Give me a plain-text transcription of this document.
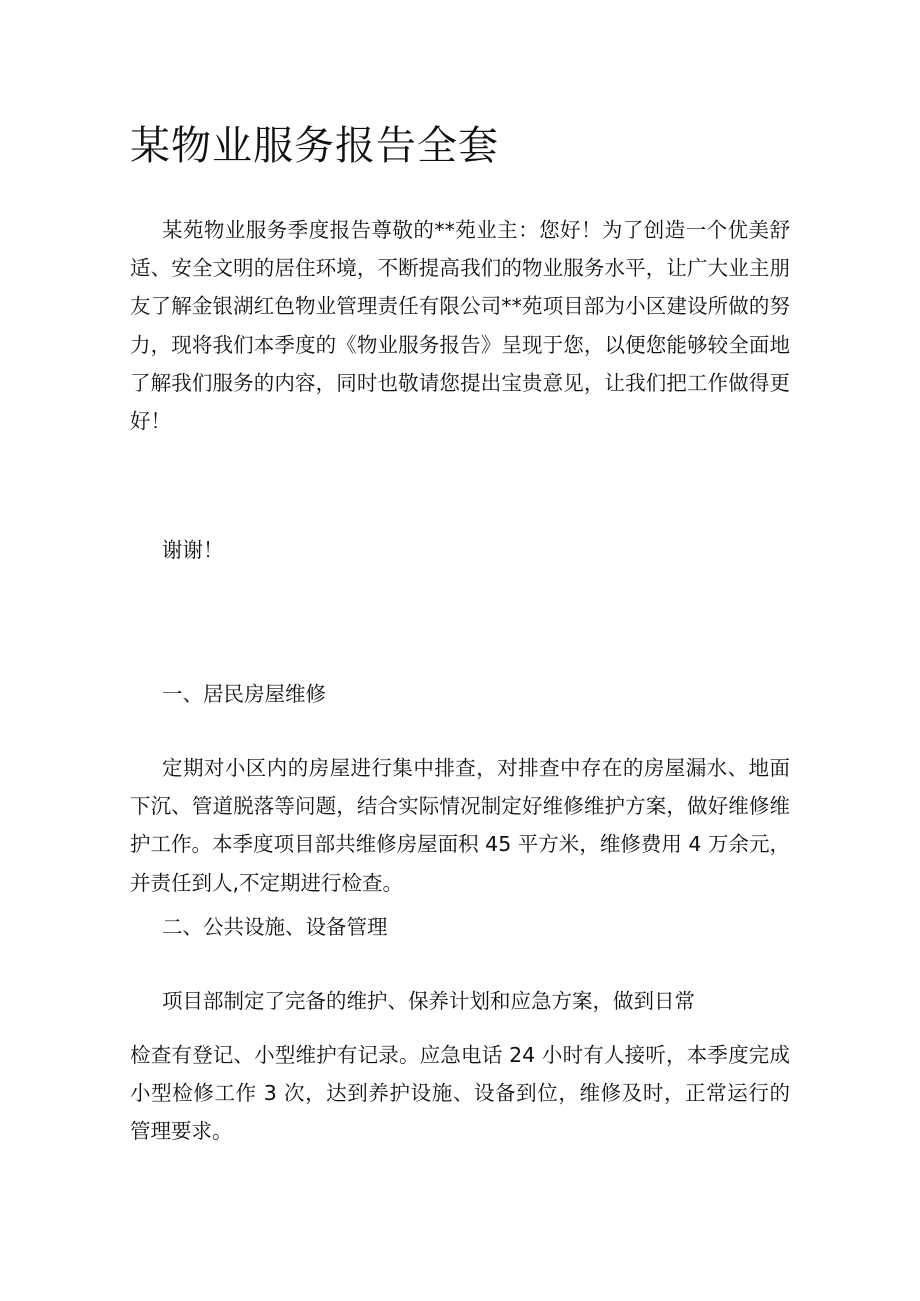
某物业服务报告全套

某苑物业服务季度报告尊敬的**苑业主：您好！为了创造一个优美舒适、安全文明的居住环境，不断提高我们的物业服务水平，让广大业主朋友了解金银湖红色物业管理责任有限公司**苑项目部为小区建设所做的努力，现将我们本季度的《物业服务报告》呈现于您，以便您能够较全面地了解我们服务的内容，同时也敬请您提出宝贵意见，让我们把工作做得更好！

谢谢！

一、居民房屋维修

定期对小区内的房屋进行集中排查，对排查中存在的房屋漏水、地面下沉、管道脱落等问题，结合实际情况制定好维修维护方案，做好维修维护工作。本季度项目部共维修房屋面积 45 平方米，维修费用 4 万余元，并责任到人,不定期进行检查。

二、公共设施、设备管理

项目部制定了完备的维护、保养计划和应急方案，做到日常

检查有登记、小型维护有记录。应急电话 24 小时有人接听，本季度完成小型检修工作 3 次，达到养护设施、设备到位，维修及时，正常运行的管理要求。
